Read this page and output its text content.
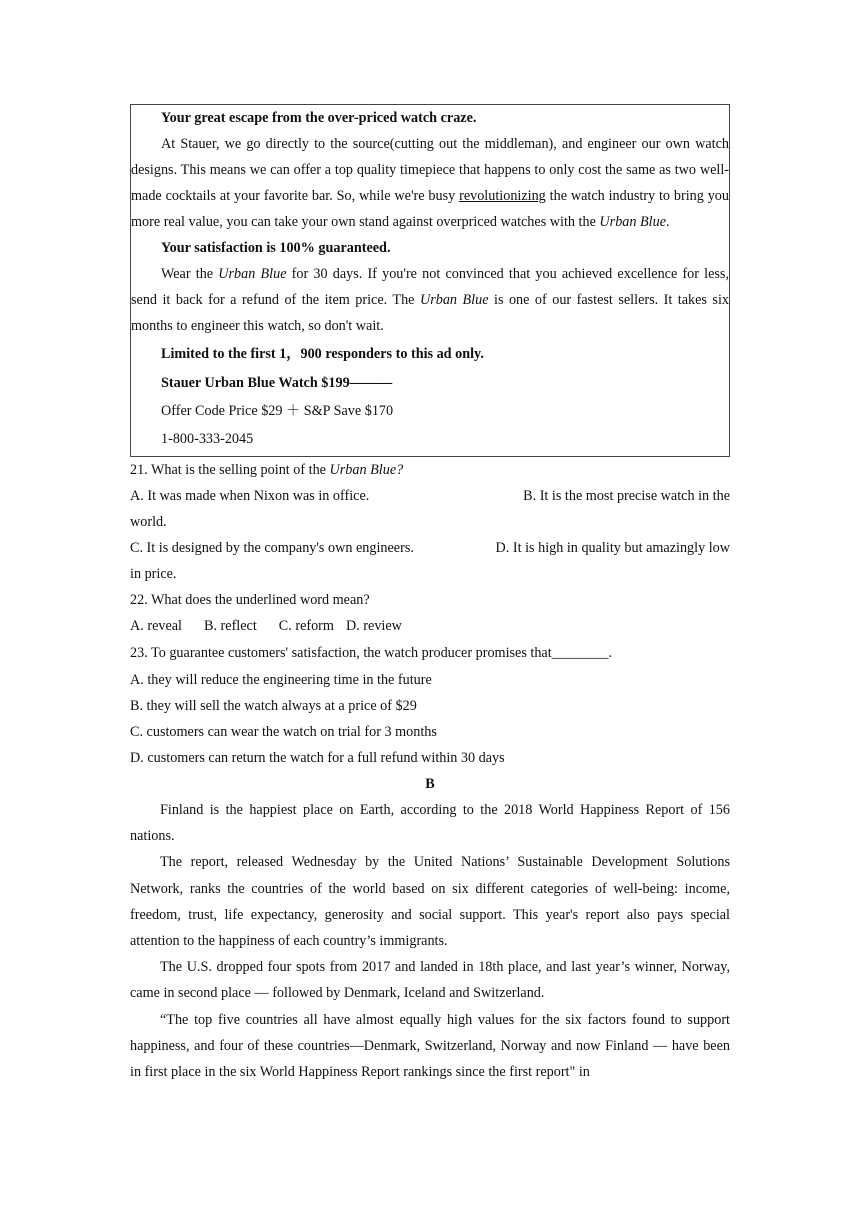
Your great escape from the over-priced watch craze.

At Stauer, we go directly to the source(cutting out the middleman), and engineer our own watch designs. This means we can offer a top quality timepiece that happens to only cost the same as two well-made cocktails at your favorite bar. So, while we're busy revolutionizing the watch industry to bring you more real value, you can take your own stand against overpriced watches with the Urban Blue.

Your satisfaction is 100% guaranteed.

Wear the Urban Blue for 30 days. If you're not convinced that you achieved excellence for less, send it back for a refund of the item price. The Urban Blue is one of our fastest sellers. It takes six months to engineer this watch, so don't wait.

Limited to the first 1，900 responders to this ad only.

Stauer Urban Blue Watch $199———

Offer Code Price $29 ＋ S&P Save $170

1-800-333-2045

21. What is the selling point of the Urban Blue?

A. It was made when Nixon was in office.	B. It is the most precise watch in the

world.

C. It is designed by the company's own engineers.	D. It is high in quality but amazingly low

in price.

22. What does the underlined word mean?

A. reveal B. reflect C. reform D. review

23. To guarantee customers' satisfaction, the watch producer promises that________.

A. they will reduce the engineering time in the future

B. they will sell the watch always at a price of $29

C. customers can wear the watch on trial for 3 months

D. customers can return the watch for a full refund within 30 days

B

Finland is the happiest place on Earth, according to the 2018 World Happiness Report of 156 nations.

The report, released Wednesday by the United Nations’ Sustainable Development Solutions Network, ranks the countries of the world based on six different categories of well-being: income, freedom, trust, life expectancy, generosity and social support. This year's report also pays special attention to the happiness of each country’s immigrants.

The U.S. dropped four spots from 2017 and landed in 18th place, and last year’s winner, Norway, came in second place — followed by Denmark, Iceland and Switzerland.

“The top five countries all have almost equally high values for the six factors found to support happiness, and four of these countries—Denmark, Switzerland, Norway and now Finland — have been in first place in the six World Happiness Report rankings since the first report" in
